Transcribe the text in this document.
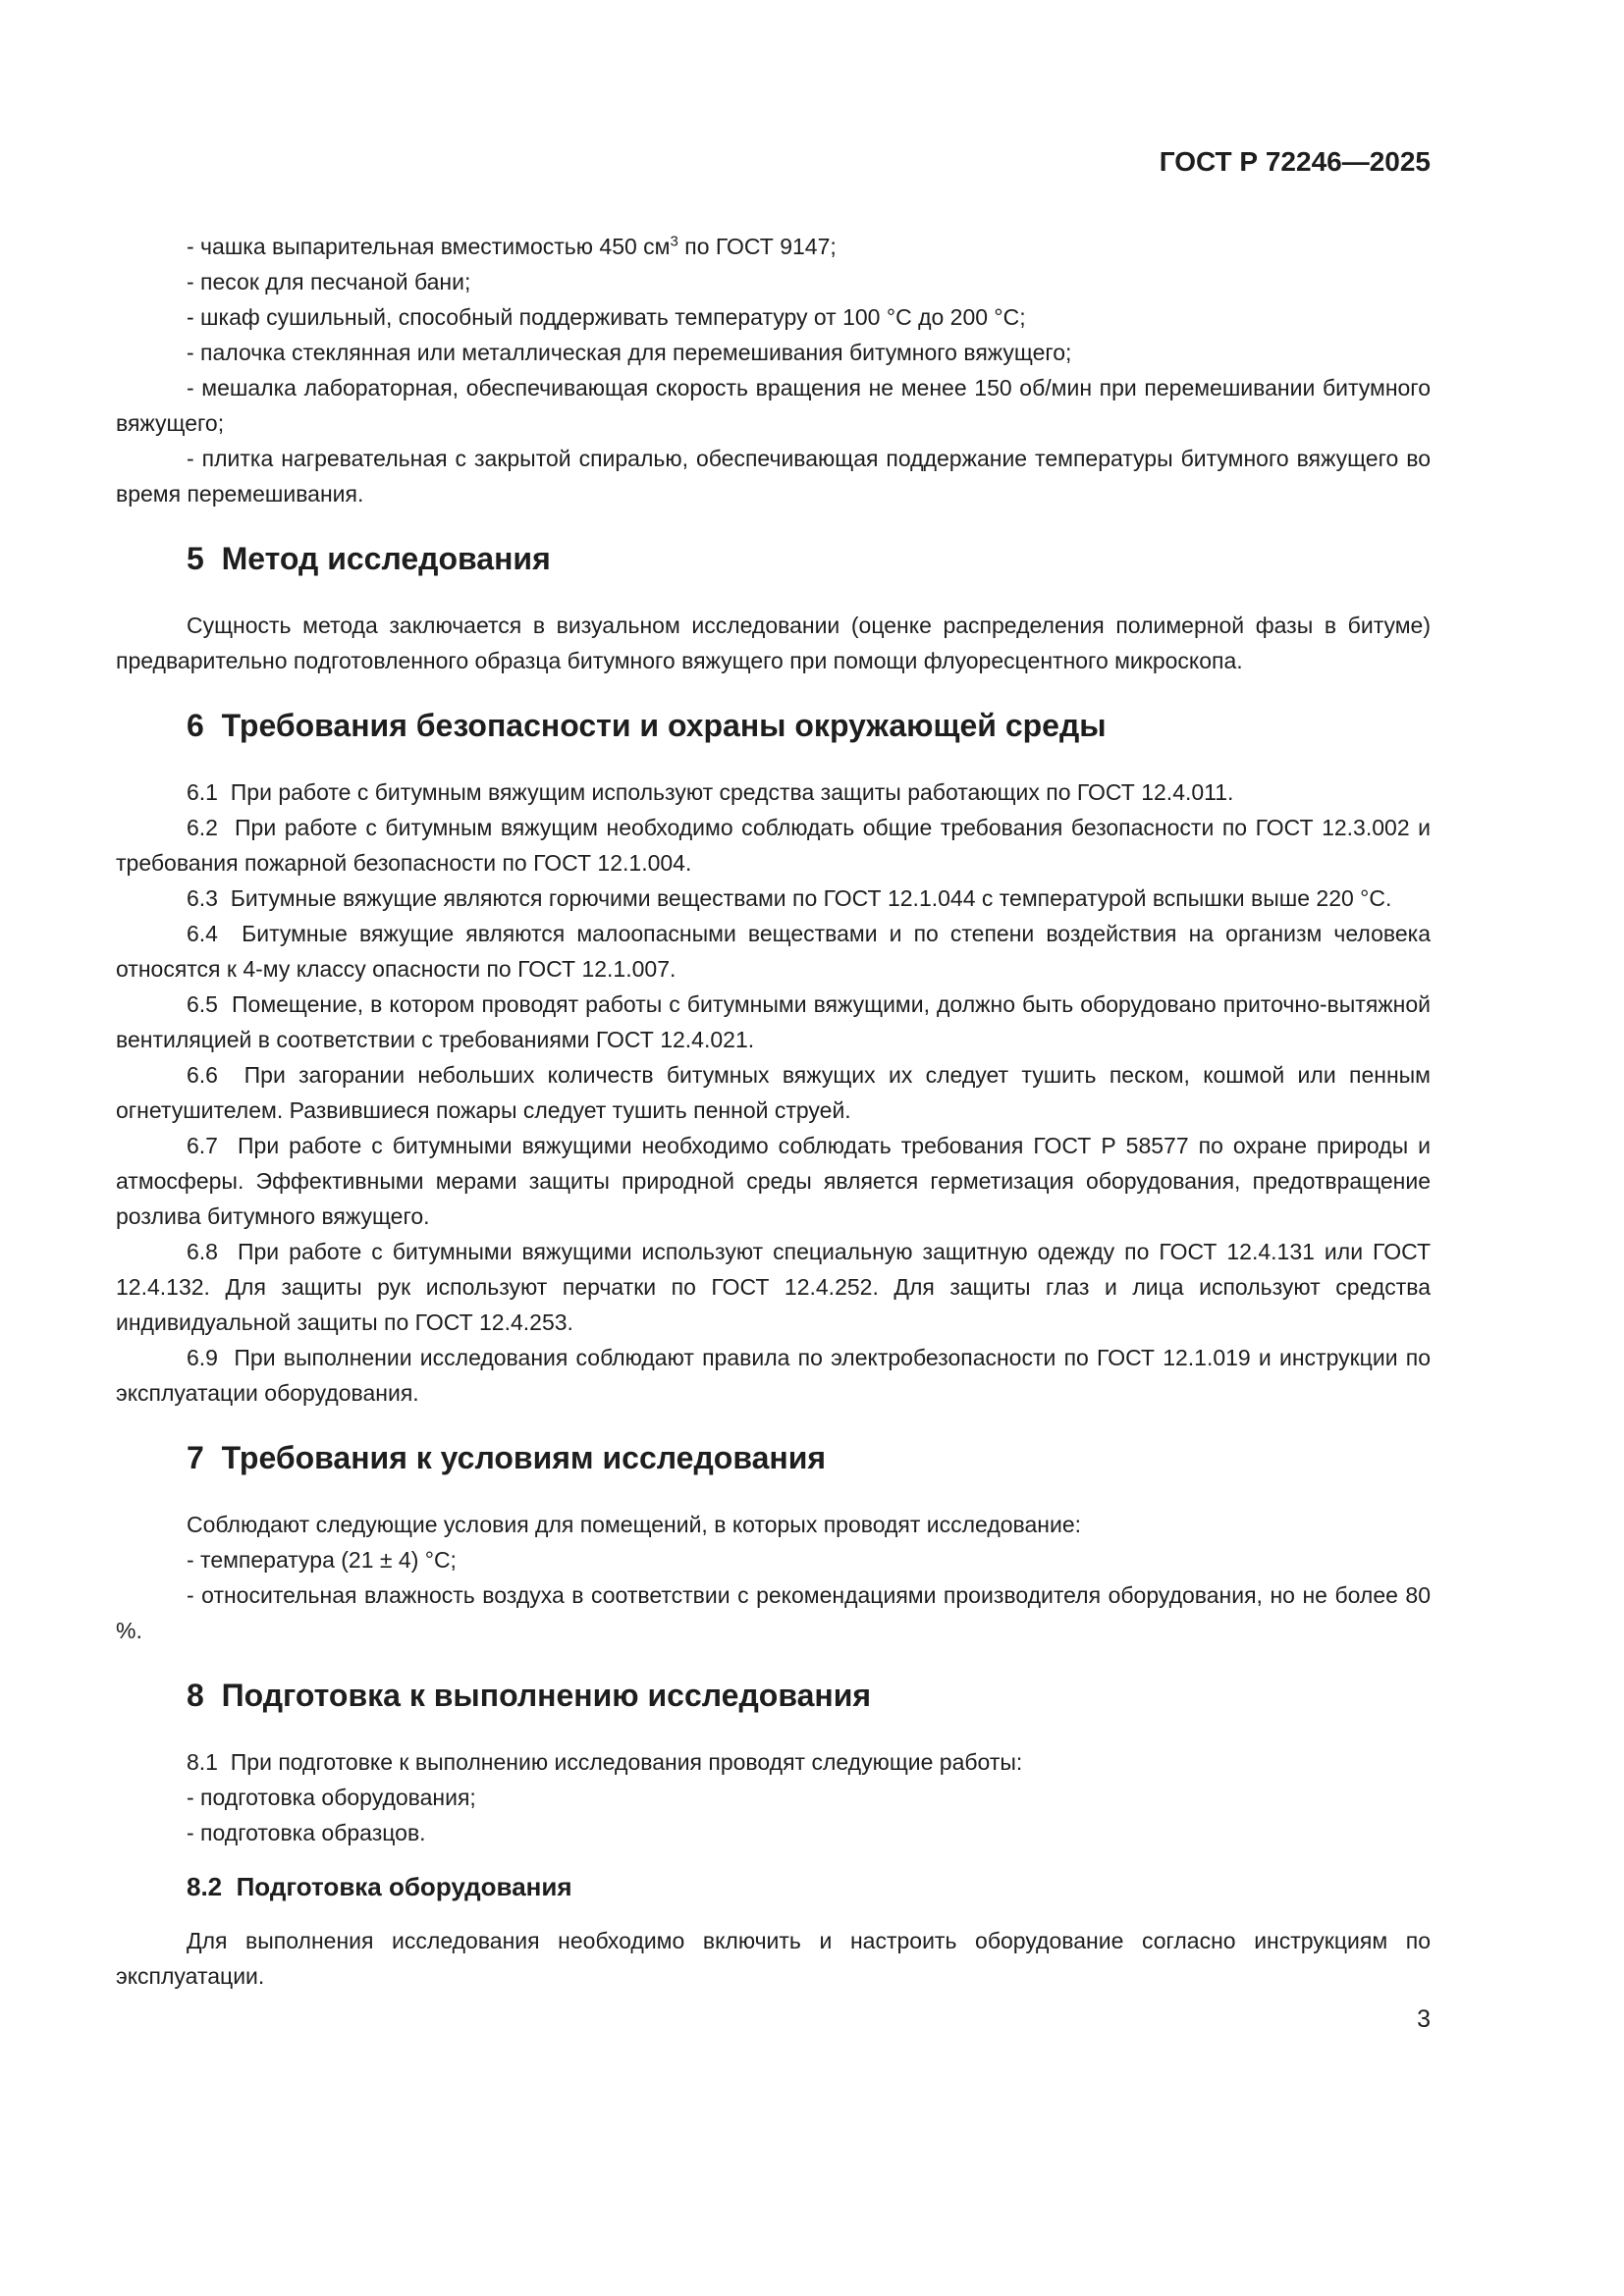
ГОСТ Р 72246—2025

- чашка выпарительная вместимостью 450 $см^3$ по ГОСТ 9147;

- песок для песчаной бани;

- шкаф сушильный, способный поддерживать температуру от 100 °С до 200 °С;

- палочка стеклянная или металлическая для перемешивания битумного вяжущего;

- мешалка лабораторная, обеспечивающая скорость вращения не менее 150 об/мин при перемешивании битумного вяжущего;

- плитка нагревательная с закрытой спиралью, обеспечивающая поддержание температуры битумного вяжущего во время перемешивания.

5  Метод исследования

Сущность метода заключается в визуальном исследовании (оценке распределения полимерной фазы в битуме) предварительно подготовленного образца битумного вяжущего при помощи флуоресцентного микроскопа.

6  Требования безопасности и охраны окружающей среды

6.1  При работе с битумным вяжущим используют средства защиты работающих по ГОСТ 12.4.011.

6.2  При работе с битумным вяжущим необходимо соблюдать общие требования безопасности по ГОСТ 12.3.002 и требования пожарной безопасности по ГОСТ 12.1.004.

6.3  Битумные вяжущие являются горючими веществами по ГОСТ 12.1.044 с температурой вспышки выше 220 °С.

6.4  Битумные вяжущие являются малоопасными веществами и по степени воздействия на организм человека относятся к 4-му классу опасности по ГОСТ 12.1.007.

6.5  Помещение, в котором проводят работы с битумными вяжущими, должно быть оборудовано приточно-вытяжной вентиляцией в соответствии с требованиями ГОСТ 12.4.021.

6.6  При загорании небольших количеств битумных вяжущих их следует тушить песком, кошмой или пенным огнетушителем. Развившиеся пожары следует тушить пенной струей.

6.7  При работе с битумными вяжущими необходимо соблюдать требования ГОСТ Р 58577 по охране природы и атмосферы. Эффективными мерами защиты природной среды является герметизация оборудования, предотвращение розлива битумного вяжущего.

6.8  При работе с битумными вяжущими используют специальную защитную одежду по ГОСТ 12.4.131 или ГОСТ 12.4.132. Для защиты рук используют перчатки по ГОСТ 12.4.252. Для защиты глаз и лица используют средства индивидуальной защиты по ГОСТ 12.4.253.

6.9  При выполнении исследования соблюдают правила по электробезопасности по ГОСТ 12.1.019 и инструкции по эксплуатации оборудования.

7  Требования к условиям исследования

Соблюдают следующие условия для помещений, в которых проводят исследование:

- температура (21 ± 4) °С;

- относительная влажность воздуха в соответствии с рекомендациями производителя оборудования, но не более 80 %.

8  Подготовка к выполнению исследования

8.1  При подготовке к выполнению исследования проводят следующие работы:

- подготовка оборудования;

- подготовка образцов.

8.2  Подготовка оборудования

Для выполнения исследования необходимо включить и настроить оборудование согласно инструкциям по эксплуатации.

3
